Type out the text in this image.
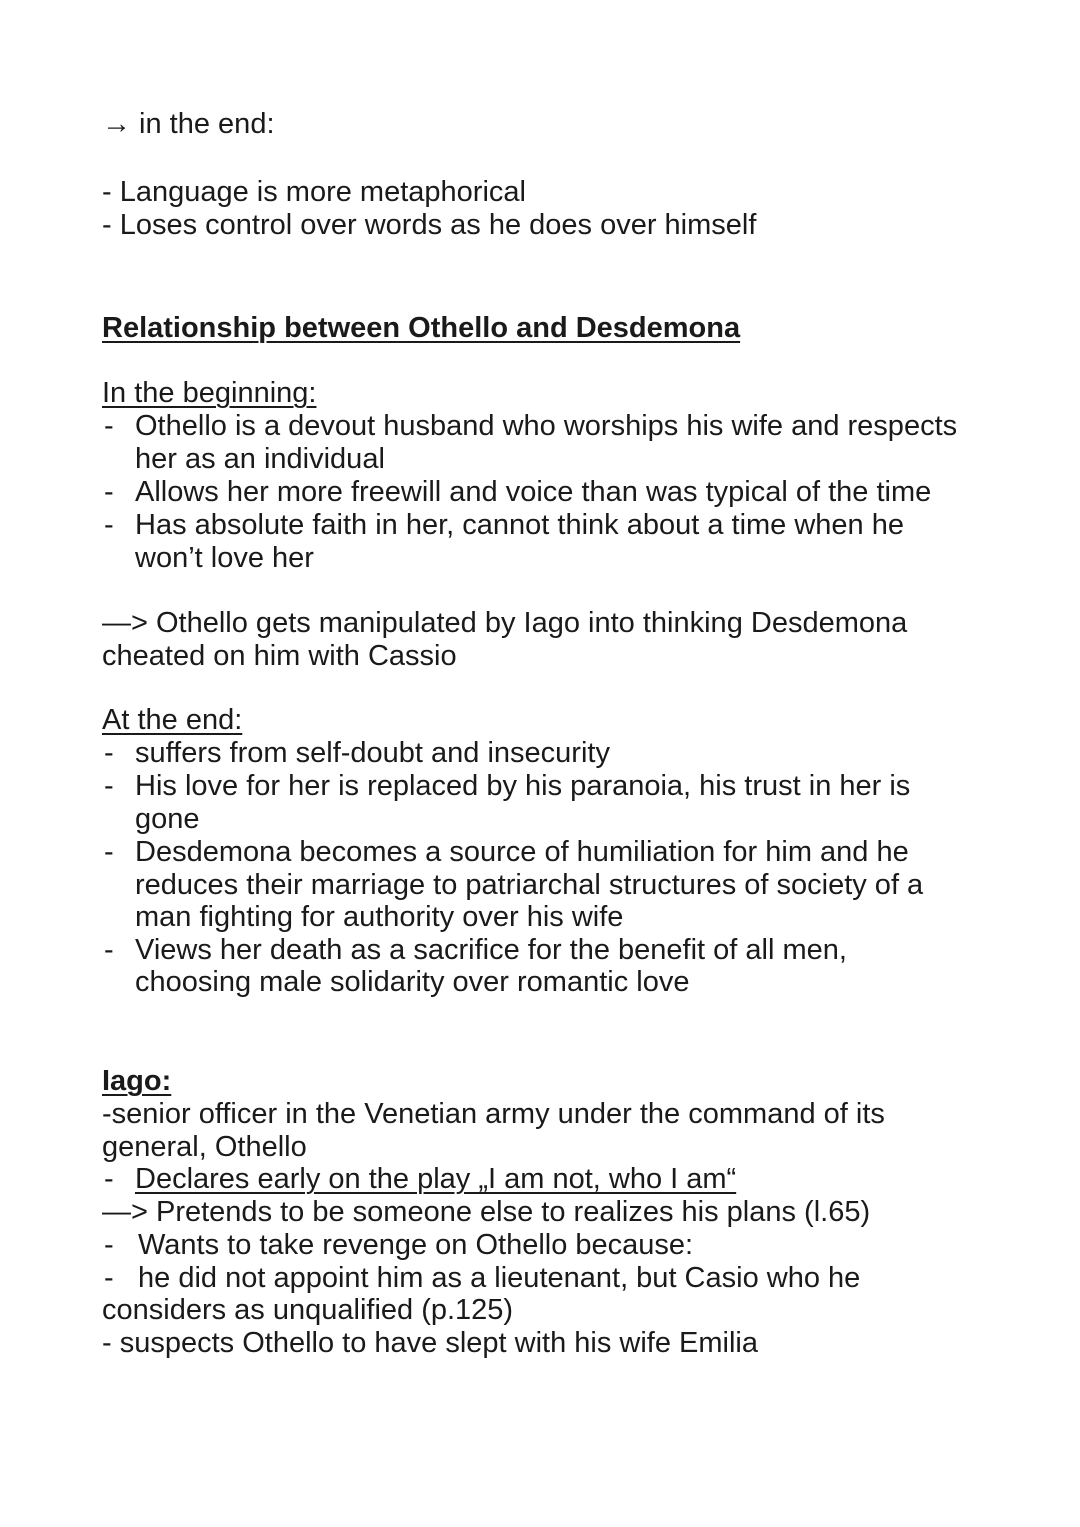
→ in the end:
- Language is more metaphorical
- Loses control over words as he does over himself
Relationship between Othello and Desdemona
In the beginning:
- Othello is a devout husband who worships his wife and respects
her as an individual
- Allows her more freewill and voice than was typical of the time
- Has absolute faith in her, cannot think about a time when he
won’t love her
—> Othello gets manipulated by Iago into thinking Desdemona
cheated on him with Cassio
At the end:
- suffers from self-doubt and insecurity
- His love for her is replaced by his paranoia, his trust in her is
gone
- Desdemona becomes a source of humiliation for him and he
reduces their marriage to patriarchal structures of society of a
man fighting for authority over his wife
- Views her death as a sacrifice for the benefit of all men,
choosing male solidarity over romantic love
Iago:
-senior officer in the Venetian army under the command of its
general, Othello
- Declares early on the play „I am not, who I am“
—> Pretends to be someone else to realizes his plans (l.65)
- Wants to take revenge on Othello because:
- he did not appoint him as a lieutenant, but Casio who he
considers as unqualified (p.125)
- suspects Othello to have slept with his wife Emilia
